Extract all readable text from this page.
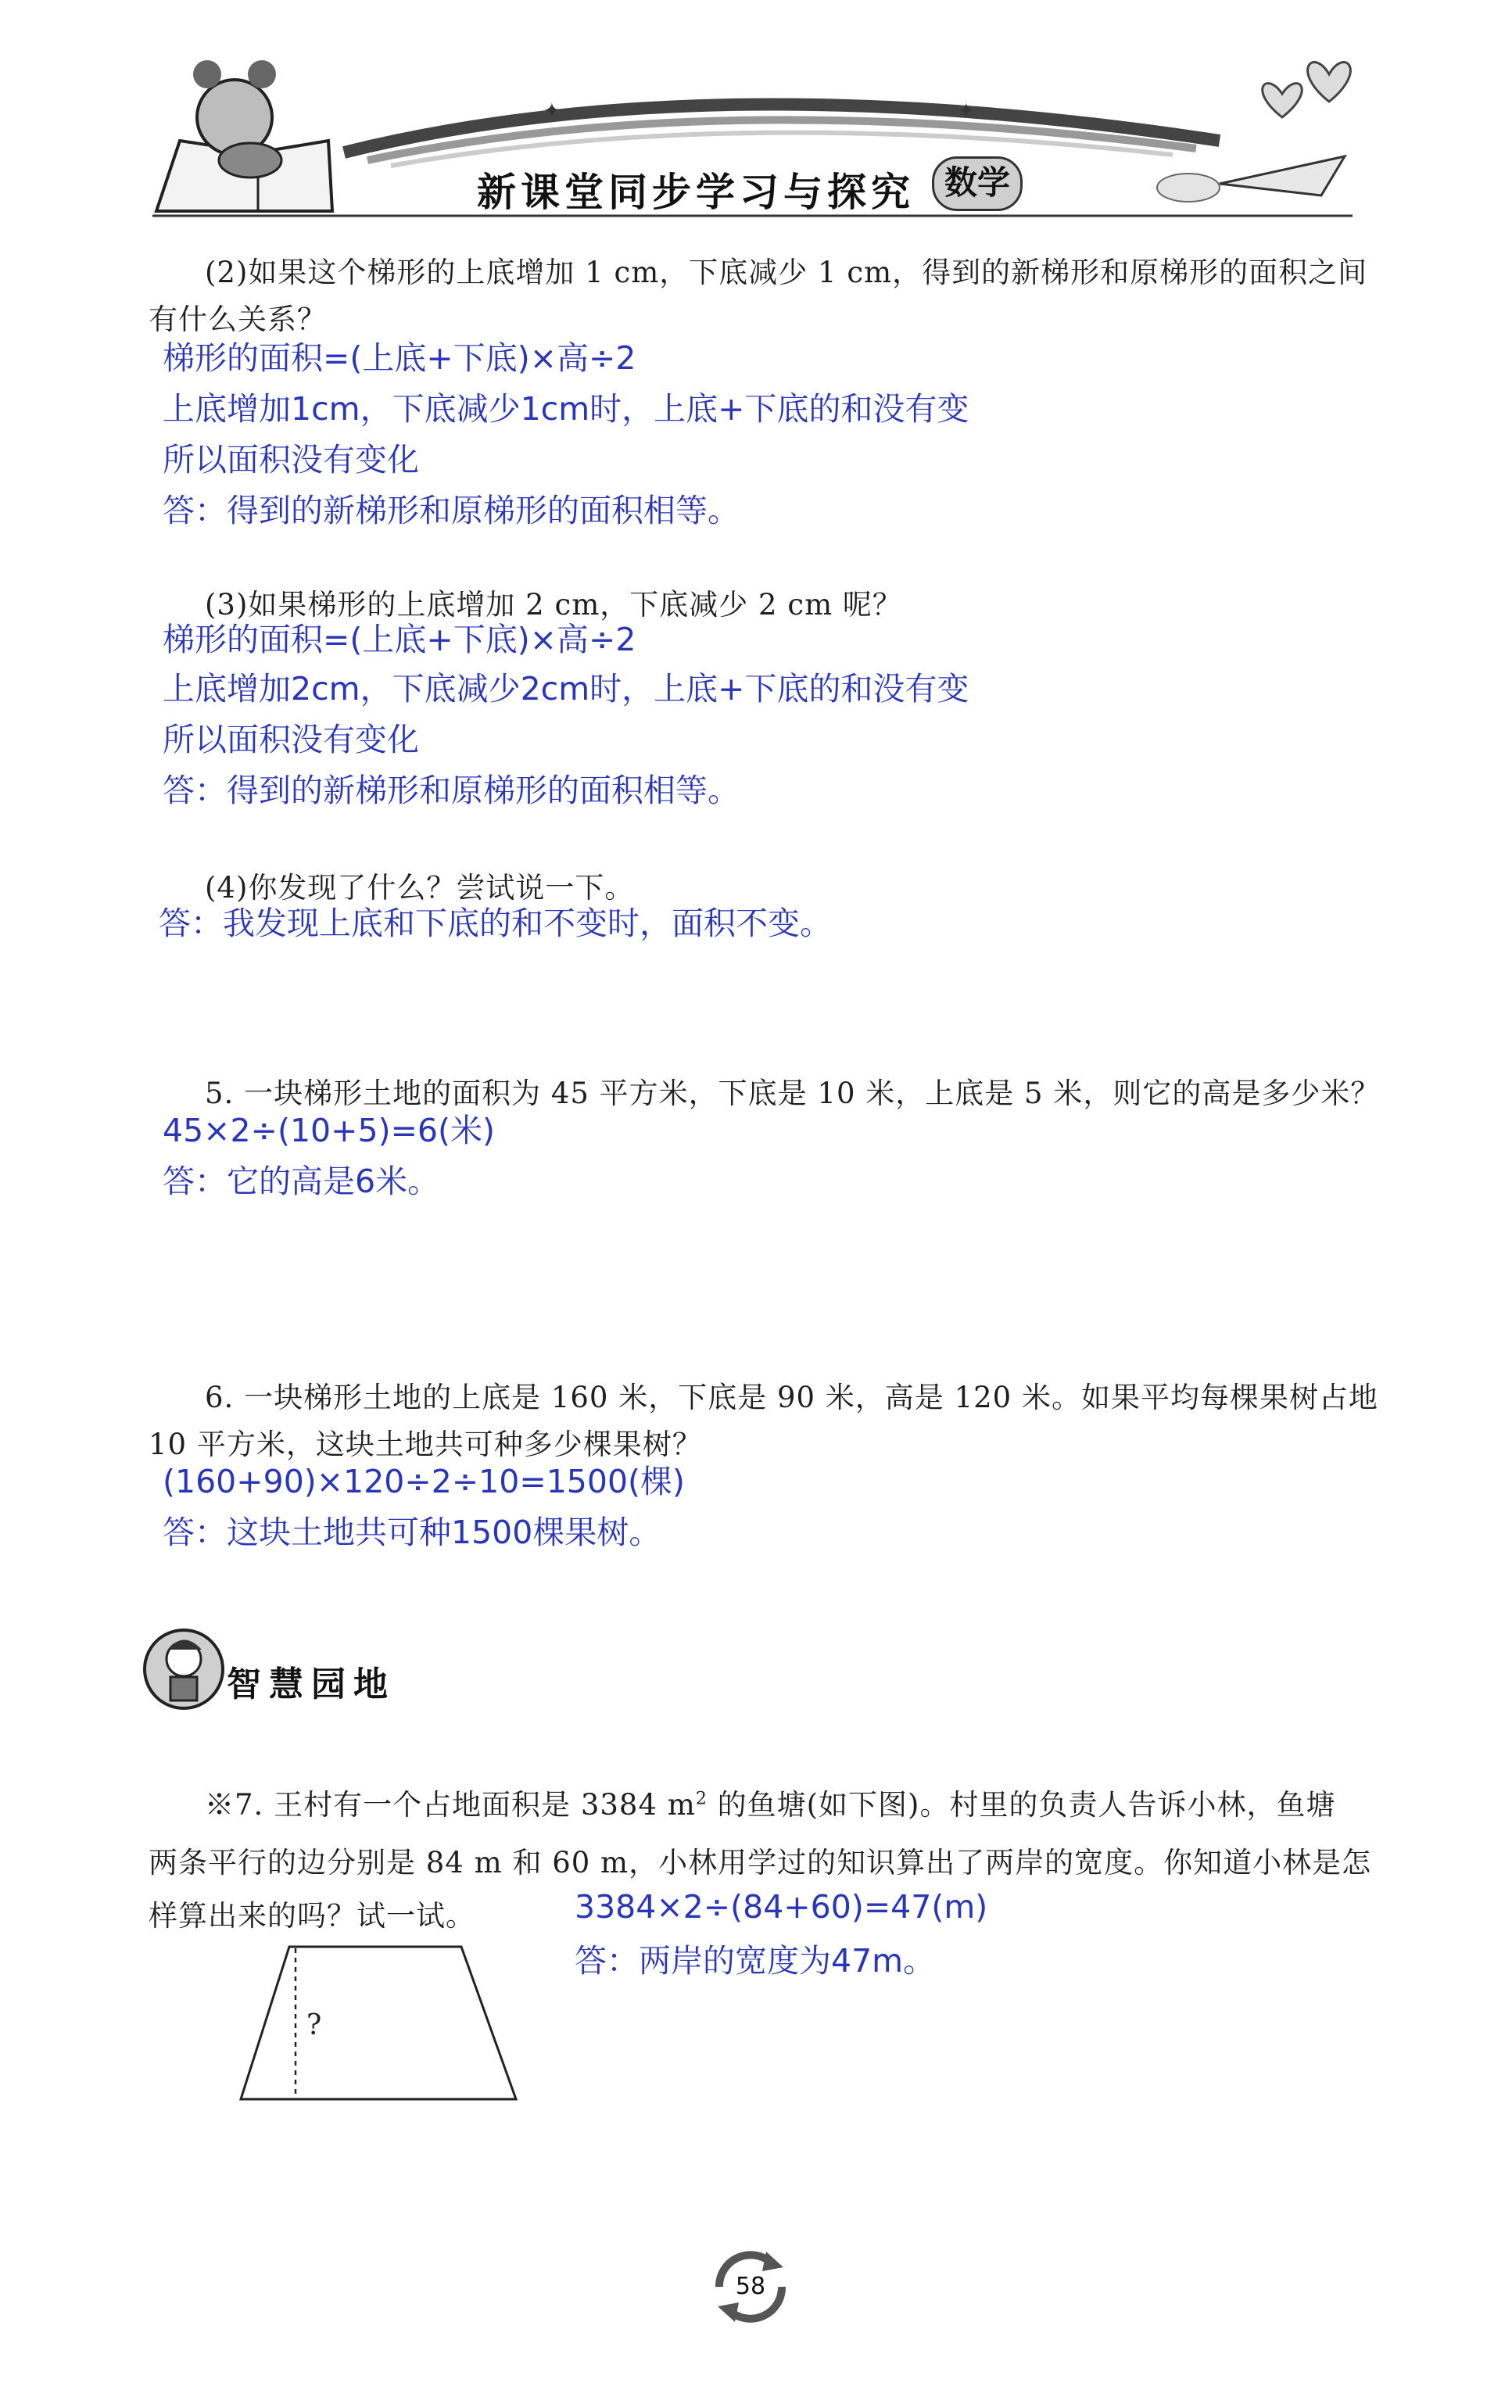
✦	✦
新课堂同步学习与探究 数学
(2)如果这个梯形的上底增加 1 cm，下底减少 1 cm，得到的新梯形和原梯形的面积之间
有什么关系？
梯形的面积=(上底+下底)×高÷2
上底增加1cm，下底减少1cm时，上底+下底的和没有变
所以面积没有变化
答：得到的新梯形和原梯形的面积相等。
(3)如果梯形的上底增加 2 cm，下底减少 2 cm 呢？
梯形的面积=(上底+下底)×高÷2
上底增加2cm，下底减少2cm时，上底+下底的和没有变
所以面积没有变化
答：得到的新梯形和原梯形的面积相等。
(4)你发现了什么？尝试说一下。
答：我发现上底和下底的和不变时，面积不变。
5. 一块梯形土地的面积为 45 平方米，下底是 10 米，上底是 5 米，则它的高是多少米？
45×2÷(10+5)=6(米)
答：它的高是6米。
6. 一块梯形土地的上底是 160 米，下底是 90 米，高是 120 米。如果平均每棵果树占地
10 平方米，这块土地共可种多少棵果树？
(160+90)×120÷2÷10=1500(棵)
答：这块土地共可种1500棵果树。
智慧园地
※7. 王村有一个占地面积是 3384 $m^2$ 的鱼塘(如下图)。村里的负责人告诉小林，鱼塘
两条平行的边分别是 84 m 和 60 m，小林用学过的知识算出了两岸的宽度。你知道小林是怎
样算出来的吗？试一试。	3384×2÷(84+60)=47(m)
答：两岸的宽度为47m。
?
58
